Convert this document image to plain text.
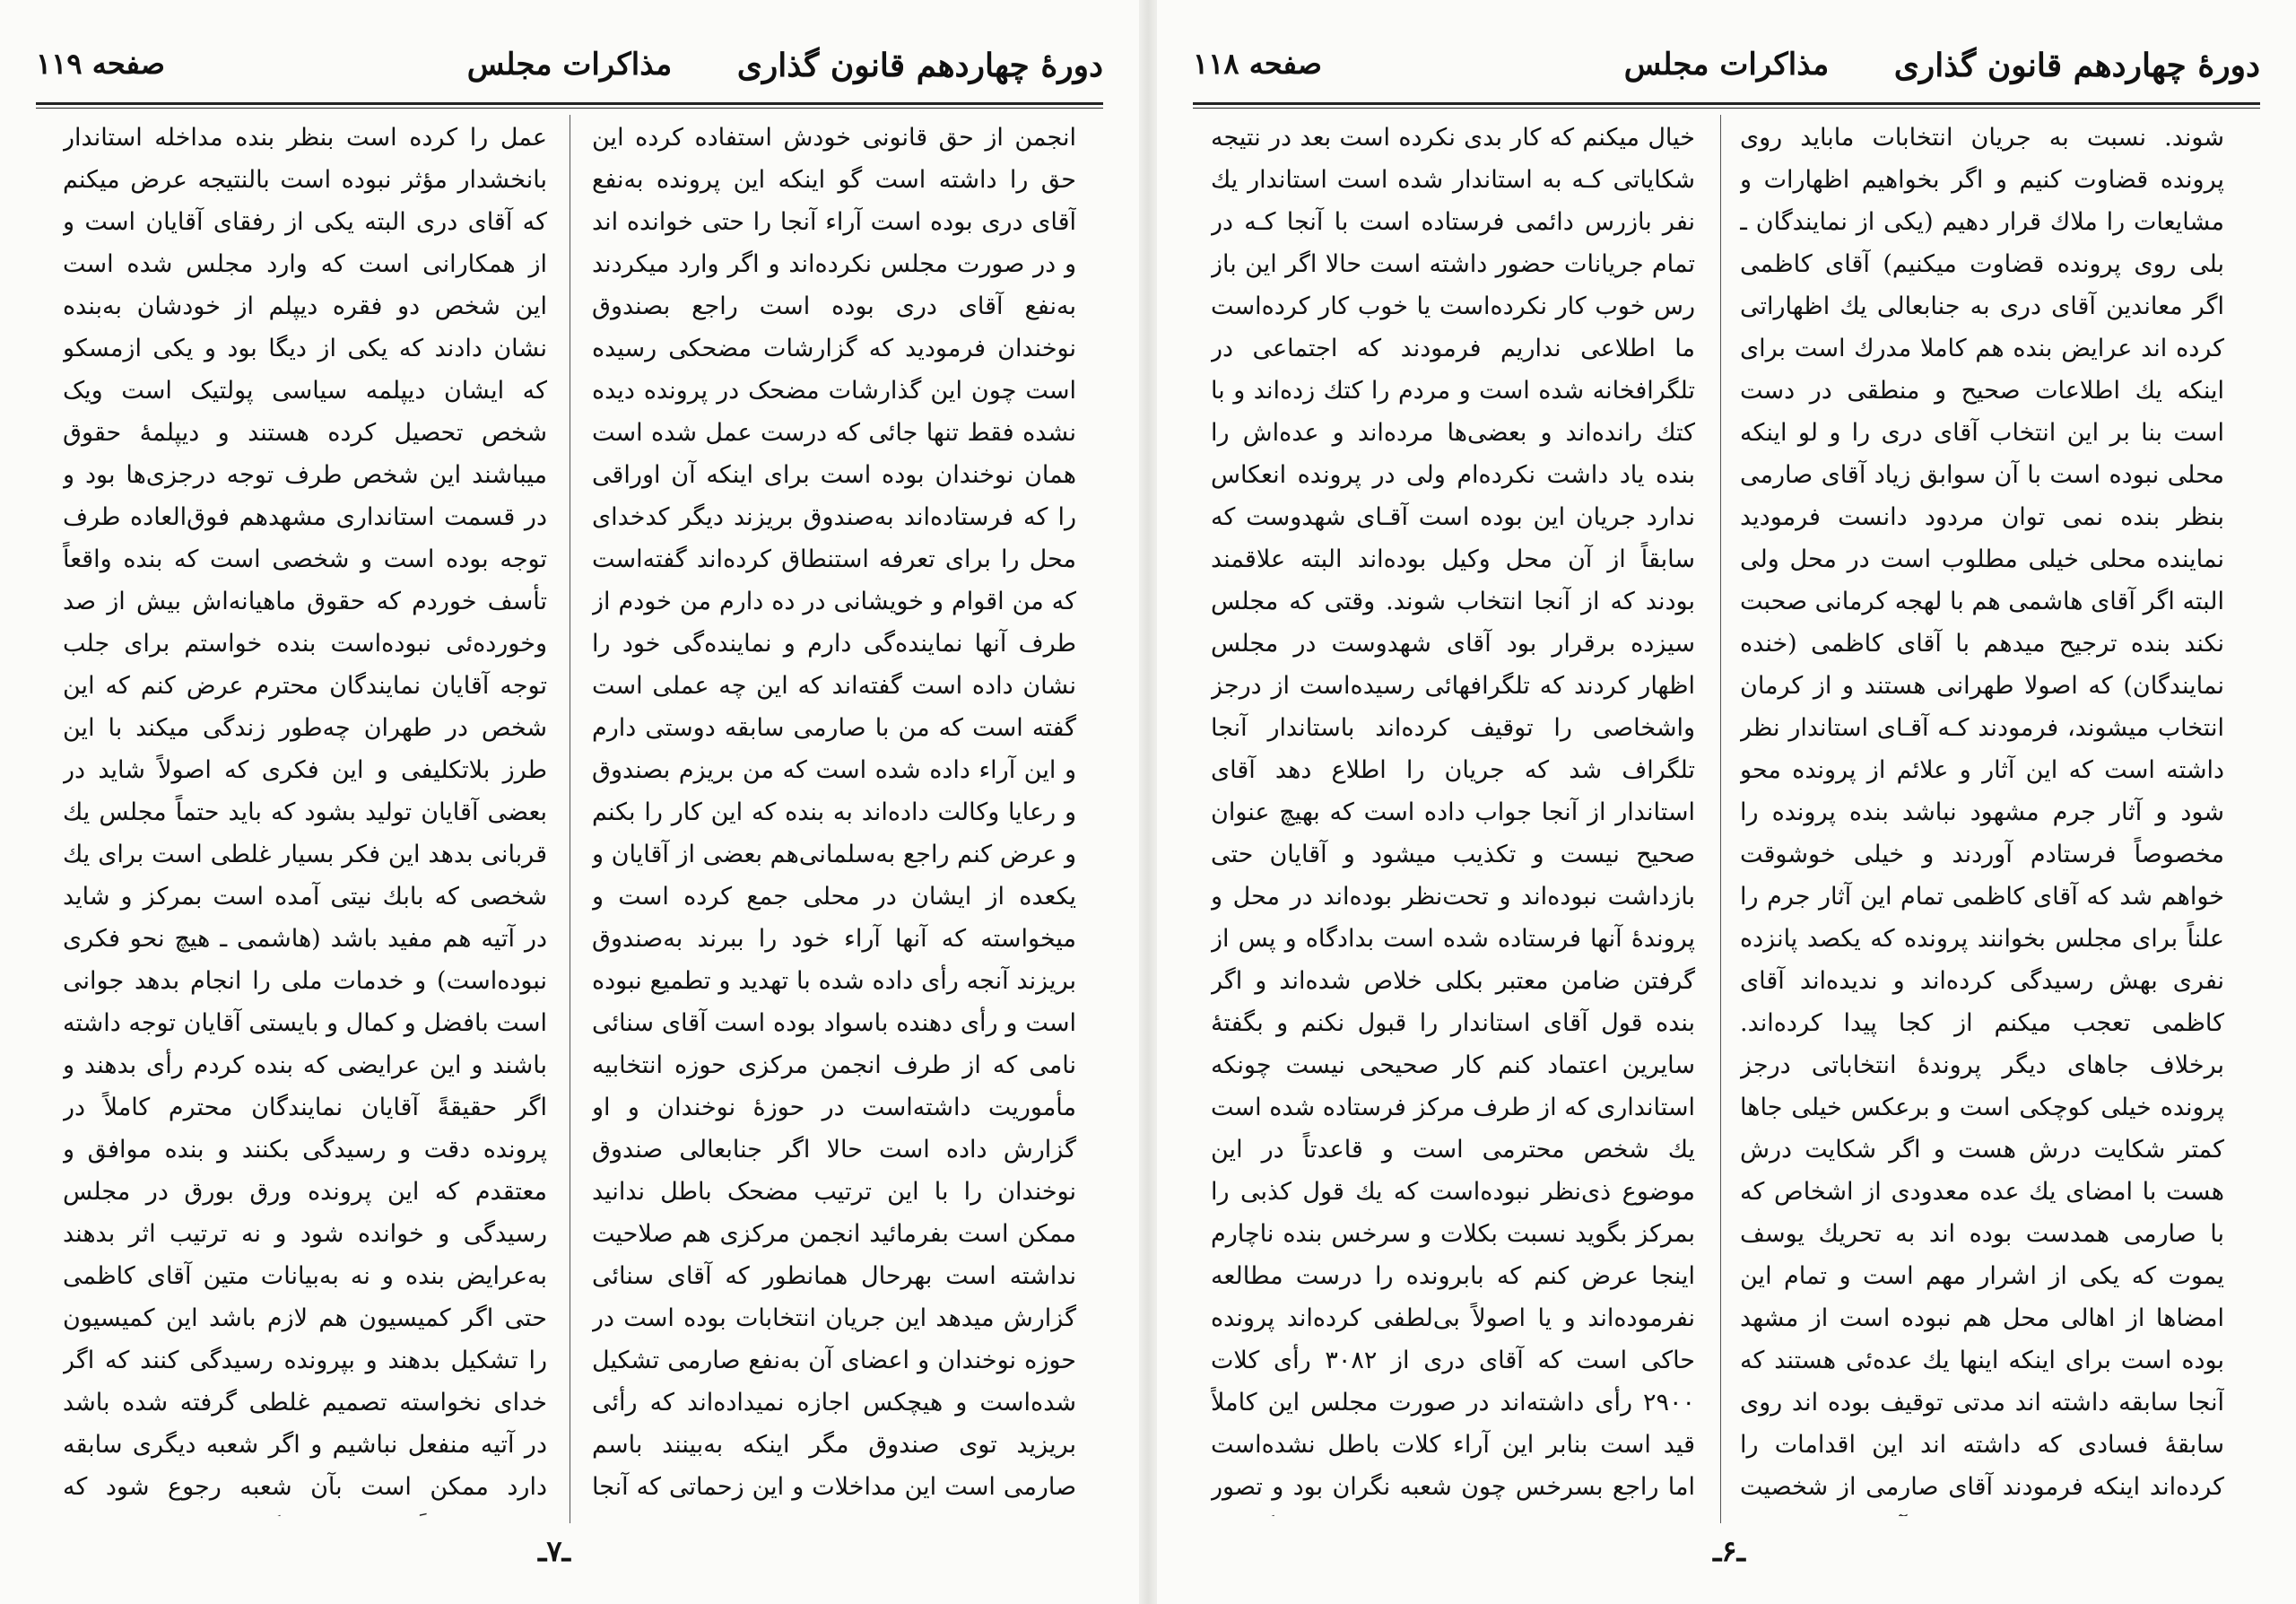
دورهٔ چهاردهم قانون گذاری
مذاکرات مجلس
صفحه ۱۱۹
انجمن از حق قانونی خودش استفاده کرده این حق را داشته است گو اینکه این پرونده به‌نفع آقای دری بوده است آراء آنجا را حتی خوانده اند و در صورت مجلس نکرده‌اند و اگر وارد میکردند به‌نفع آقای دری بوده است راجع بصندوق نوخندان فرمودید که گزارشات مضحکی رسیده است چون این گذارشات مضحک در پرونده دیده نشده فقط تنها جائی که درست عمل شده است همان نوخندان بوده است برای اینکه آن اوراقی را که فرستاده‌اند به‌صندوق بریزند دیگر کدخدای محل را برای تعرفه استنطاق کرده‌اند گفته‌است که من اقوام و خویشانی در ده دارم من خودم از طرف آنها نماینده‌گی دارم و نماینده‌گی خود را نشان داده است گفته‌اند که این چه عملی است گفته است که من با صارمی سابقه دوستی دارم و این آراء داده شده است که من بریزم بصندوق و رعایا وکالت داده‌اند به بنده که این کار را بکنم و عرض کنم راجع به‌سلمانی‌هم بعضی از آقایان و یکعده از ایشان در محلی جمع کرده است و میخواسته که آنها آراء خود را ببرند به‌صندوق بریزند آنجه رأی داده شده با تهدید و تطمیع نبوده است و رأی دهنده باسواد بوده است آقای سنائی نامی که از طرف انجمن مرکزی حوزه انتخابیه مأموریت داشته‌است در حوزهٔ نوخندان و او گزارش داده است حالا اگر جنابعالی صندوق نوخندان را با این ترتیب مضحک باطل ندانید ممکن است بفرمائید انجمن مرکزی هم صلاحیت نداشته است بهرحال همانطور که آقای سنائی گزارش میدهد این جریان انتخابات بوده است در حوزه نوخندان و اعضای آن به‌نفع صارمی تشکیل شده‌است و هیچکس اجازه نمیداده‌اند که رأئی بریزید توی صندوق مگر اینکه به‌بینند باسم صارمی است این مداخلات و این زحماتی که آنجا
عمل را کرده است بنظر بنده مداخله استاندار بانخشدار مؤثر نبوده است بالنتیجه عرض میکنم که آقای دری البته یکی از رفقای آقایان است و از همکارانی است که وارد مجلس شده است این شخص دو فقره دیپلم از خودشان به‌بنده نشان دادند که یکی از دیگا بود و یکی ازمسکو که ایشان دیپلمه سیاسی پولتیک است ویک شخص تحصیل کرده هستند و دیپلمهٔ حقوق میباشند این شخص طرف توجه درجزی‌ها بود و در قسمت استانداری مشهدهم فوق‌العاده طرف توجه بوده است و شخصی است که بنده واقعاً تأسف خوردم که حقوق ماهیانه‌اش بیش از صد وخورده‌ئی نبوده‌است بنده خواستم برای جلب توجه آقایان نمایندگان محترم عرض کنم که این شخص در طهران چه‌طور زندگی میکند با این طرز بلاتکلیفی و این فکری که اصولاً شاید در بعضی آقایان تولید بشود که باید حتماً مجلس یك قربانی بدهد این فکر بسیار غلطی است برای یك شخصی که بابك نیتی آمده است بمرکز و شاید در آتیه هم مفید باشد (هاشمی ـ هیچ نحو فکری نبوده‌است) و خدمات ملی را انجام بدهد جوانی است بافضل و کمال و بایستی آقایان توجه داشته باشند و این عرایضی که بنده کردم رأی بدهند و اگر حقیقةً آقایان نمایندگان محترم کاملاً در پرونده دقت و رسیدگی بکنند و بنده موافق و معتقدم که این پرونده ورق بورق در مجلس رسیدگی و خوانده شود و نه ترتیب اثر بدهند به‌عرایض بنده و نه به‌بیانات متین آقای کاظمی حتی اگر کمیسیون هم لازم باشد این کمیسیون را تشکیل بدهند و بپرونده رسیدگی کنند که اگر خدای نخواسته تصمیم غلطی گرفته شده باشد در آتیه منفعل نباشیم و اگر شعبه دیگری سابقه دارد ممکن است بآن شعبه رجوع شود که
ـ۷ـ
دورهٔ چهاردهم قانون گذاری
مذاکرات مجلس
صفحه ۱۱۸
شوند. نسبت به جریان انتخابات مابايد روی پرونده قضاوت کنیم و اگر بخواهیم اظهارات و مشایعات را ملاك قرار دهیم (یکی از نمایندگان ـ بلی روی پرونده قضاوت میکنیم) آقای کاظمی اگر معاندین آقای دری به جنابعالی یك اظهاراتی کرده اند عرایض بنده هم کاملا مدرك است برای اینکه یك اطلاعات صحیح و منطقی در دست است بنا بر این انتخاب آقای دری را و لو اینکه محلی نبوده است با آن سوابق زیاد آقای صارمی بنظر بنده نمی توان مردود دانست فرمودید نماینده محلی خیلی مطلوب است در محل ولی البته اگر آقای هاشمی هم با لهجه کرمانی صحبت نکند بنده ترجیح میدهم با آقای کاظمی (خنده نمایندگان) که اصولا طهرانی هستند و از کرمان انتخاب میشوند، فرمودند کـه آقـای استاندار نظر داشته است که این آثار و علائم از پرونده محو شود و آثار جرم مشهود نباشد بنده پرونده را مخصوصاً فرستادم آوردند و خیلی خوشوقت خواهم شد که آقای کاظمی تمام این آثار جرم را علناً برای مجلس بخوانند پرونده که یکصد پانزده نفری بهش رسیدگی کرده‌اند و ندیده‌اند آقای کاظمی تعجب میکنم از کجا پیدا کرده‌اند. برخلاف جاهای دیگر پروندهٔ انتخاباتی درجز پرونده خیلی کوچکی است و برعکس خیلی جاها کمتر شکایت درش هست و اگر شکایت درش هست با امضای یك عده معدودی از اشخاص که با صارمی همدست بوده اند به تحریك یوسف یموت که یکی از اشرار مهم است و تمام این امضاها از اهالی محل هم نبوده است از مشهد بوده است برای اینکه اینها یك عده‌ئی هستند که آنجا سابقه داشته اند مدتی توقیف بوده اند روی سابقهٔ فسادی که داشته اند این اقدامات را کرده‌اند اینکه فرمودند آقای صارمی از شخصیت
خیال میکنم که کار بدی نکرده است بعد در نتیجه شکایاتی کـه به استاندار شده است استاندار یك نفر بازرس دائمی فرستاده است با آنجا کـه در تمام جریانات حضور داشته است حالا اگر این باز رس خوب کار نکرده‌است یا خوب کار کرده‌است ما اطلاعی نداریم فرمودند که اجتماعی در تلگرافخانه شده است و مردم را کتك زده‌اند و با کتك رانده‌اند و بعضی‌ها مرده‌اند و عده‌اش را بنده یاد داشت نکرده‌ام ولی در پرونده انعکاس ندارد جریان این بوده است آقـای شهدوست که سابقاً از آن محل وکیل بوده‌اند البته علاقمند بودند که از آنجا انتخاب شوند. وقتی که مجلس سیزده برقرار بود آقای شهدوست در مجلس اظهار کردند که تلگرافهائی رسیده‌است از درجز واشخاصی را توقیف کرده‌اند باستاندار آنجا تلگراف شد که جریان را اطلاع دهد آقای استاندار از آنجا جواب داده است که بهیچ عنوان صحیح نیست و تکذیب میشود و آقایان حتی بازداشت نبوده‌اند و تحت‌نظر بوده‌اند در محل و پروندهٔ آنها فرستاده شده است بدادگاه و پس از گرفتن ضامن معتبر بکلی خلاص شده‌اند و اگر بنده قول آقای استاندار را قبول نکنم و بگفتهٔ سایرین اعتماد کنم کار صحیحی نیست چونکه استانداری که از طرف مرکز فرستاده شده است یك شخص محترمی است و قاعدتاً در این موضوع ذی‌نظر نبوده‌است که یك قول کذبی را بمرکز بگوید نسبت بکلات و سرخس بنده ناچارم اینجا عرض کنم که بابرونده را درست مطالعه نفرموده‌اند و یا اصولاً بی‌لطفی کرده‌اند پرونده حاکی است که آقای دری از ۳۰۸۲ رأی کلات ۲۹۰۰ رأی داشته‌اند در صورت مجلس این کاملاً قید است بنابر این آراء کلات باطل نشده‌است اما راجع بسرخس چون شعبه نگران بود و تصور
ـ۶ـ
